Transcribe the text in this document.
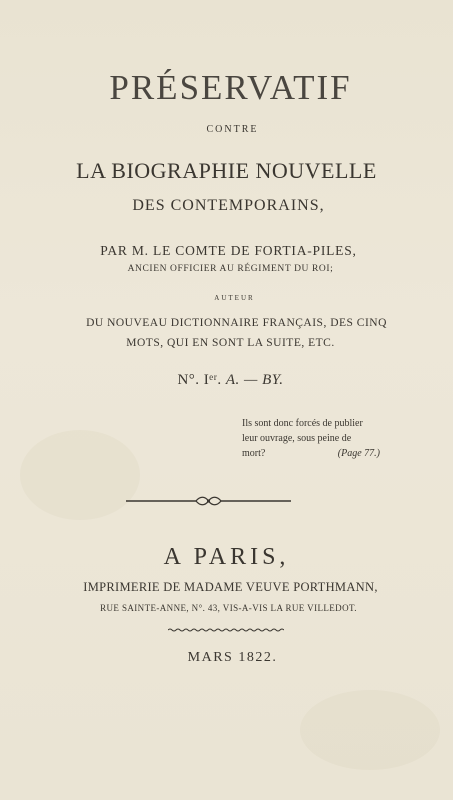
PRÉSERVATIF
CONTRE
LA BIOGRAPHIE NOUVELLE
DES CONTEMPORAINS,
PAR M. LE COMTE DE FORTIA-PILES,
ANCIEN OFFICIER AU RÉGIMENT DU ROI;
AUTEUR
DU NOUVEAU DICTIONNAIRE FRANÇAIS, DES CINQ
MOTS, QUI EN SONT LA SUITE, ETC.
N°. Iᵉʳ. A. — BY.
Ils sont donc forcés de publier
leur ouvrage, sous peine de
mort?	(Page 77.)
A PARIS,
IMPRIMERIE DE MADAME VEUVE PORTHMANN,
RUE SAINTE-ANNE, N°. 43, VIS-A-VIS LA RUE VILLEDOT.
MARS 1822.
